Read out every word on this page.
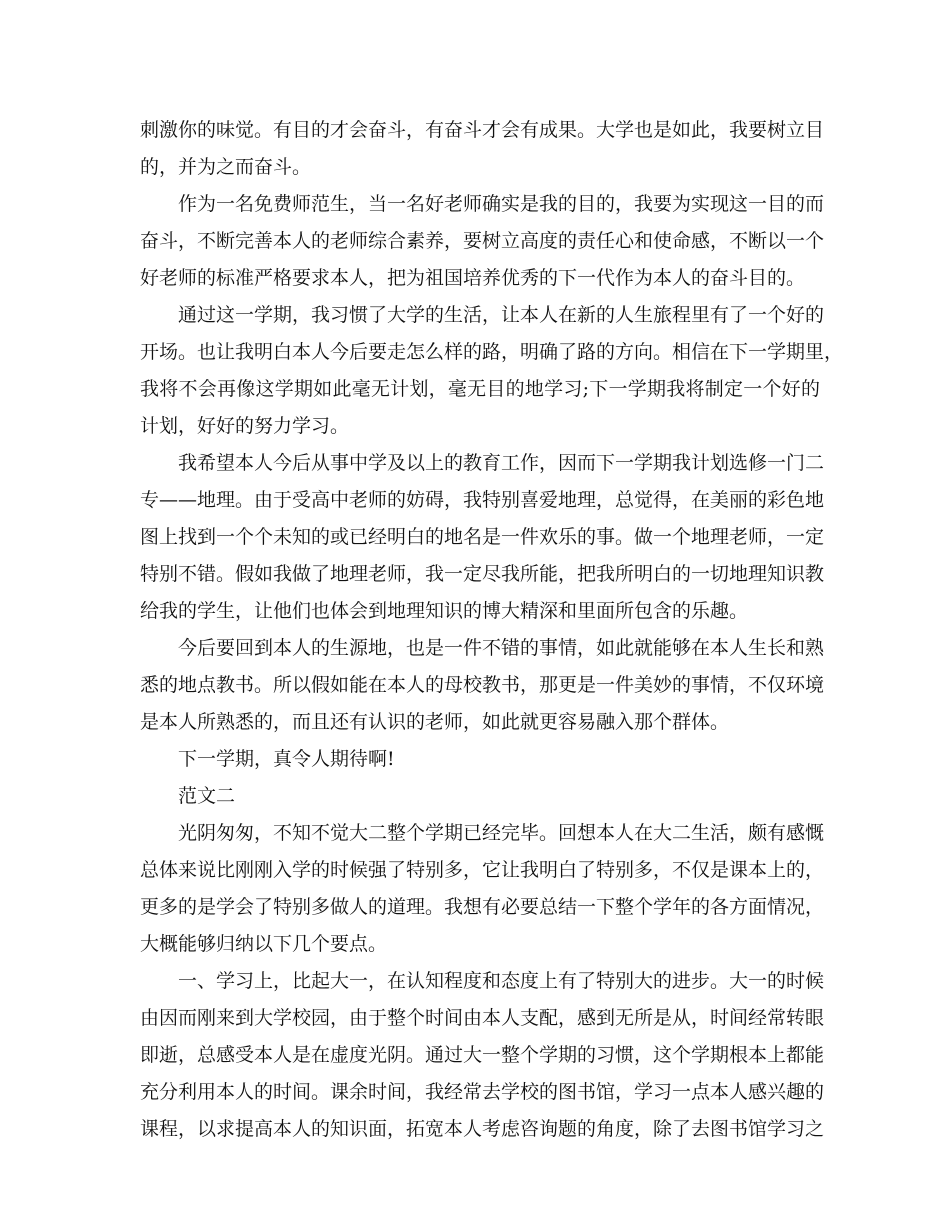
刺激你的味觉。有目的才会奋斗，有奋斗才会有成果。大学也是如此，我要树立目
的，并为之而奋斗。
作为一名免费师范生，当一名好老师确实是我的目的，我要为实现这一目的而
奋斗，不断完善本人的老师综合素养，要树立高度的责任心和使命感，不断以一个
好老师的标准严格要求本人，把为祖国培养优秀的下一代作为本人的奋斗目的。
通过这一学期，我习惯了大学的生活，让本人在新的人生旅程里有了一个好的
开场。也让我明白本人今后要走怎么样的路，明确了路的方向。相信在下一学期里，
我将不会再像这学期如此毫无计划，毫无目的地学习;下一学期我将制定一个好的
计划，好好的努力学习。
我希望本人今后从事中学及以上的教育工作，因而下一学期我计划选修一门二
专——地理。由于受高中老师的妨碍，我特别喜爱地理，总觉得，在美丽的彩色地
图上找到一个个未知的或已经明白的地名是一件欢乐的事。做一个地理老师，一定
特别不错。假如我做了地理老师，我一定尽我所能，把我所明白的一切地理知识教
给我的学生，让他们也体会到地理知识的博大精深和里面所包含的乐趣。
今后要回到本人的生源地，也是一件不错的事情，如此就能够在本人生长和熟
悉的地点教书。所以假如能在本人的母校教书，那更是一件美妙的事情，不仅环境
是本人所熟悉的，而且还有认识的老师，如此就更容易融入那个群体。
下一学期，真令人期待啊!
范文二
光阴匆匆，不知不觉大二整个学期已经完毕。回想本人在大二生活，颇有感慨
总体来说比刚刚入学的时候强了特别多，它让我明白了特别多，不仅是课本上的，
更多的是学会了特别多做人的道理。我想有必要总结一下整个学年的各方面情况，
大概能够归纳以下几个要点。
一、学习上，比起大一，在认知程度和态度上有了特别大的进步。大一的时候
由因而刚来到大学校园，由于整个时间由本人支配，感到无所是从，时间经常转眼
即逝，总感受本人是在虚度光阴。通过大一整个学期的习惯，这个学期根本上都能
充分利用本人的时间。课余时间，我经常去学校的图书馆，学习一点本人感兴趣的
课程，以求提高本人的知识面，拓宽本人考虑咨询题的角度，除了去图书馆学习之
